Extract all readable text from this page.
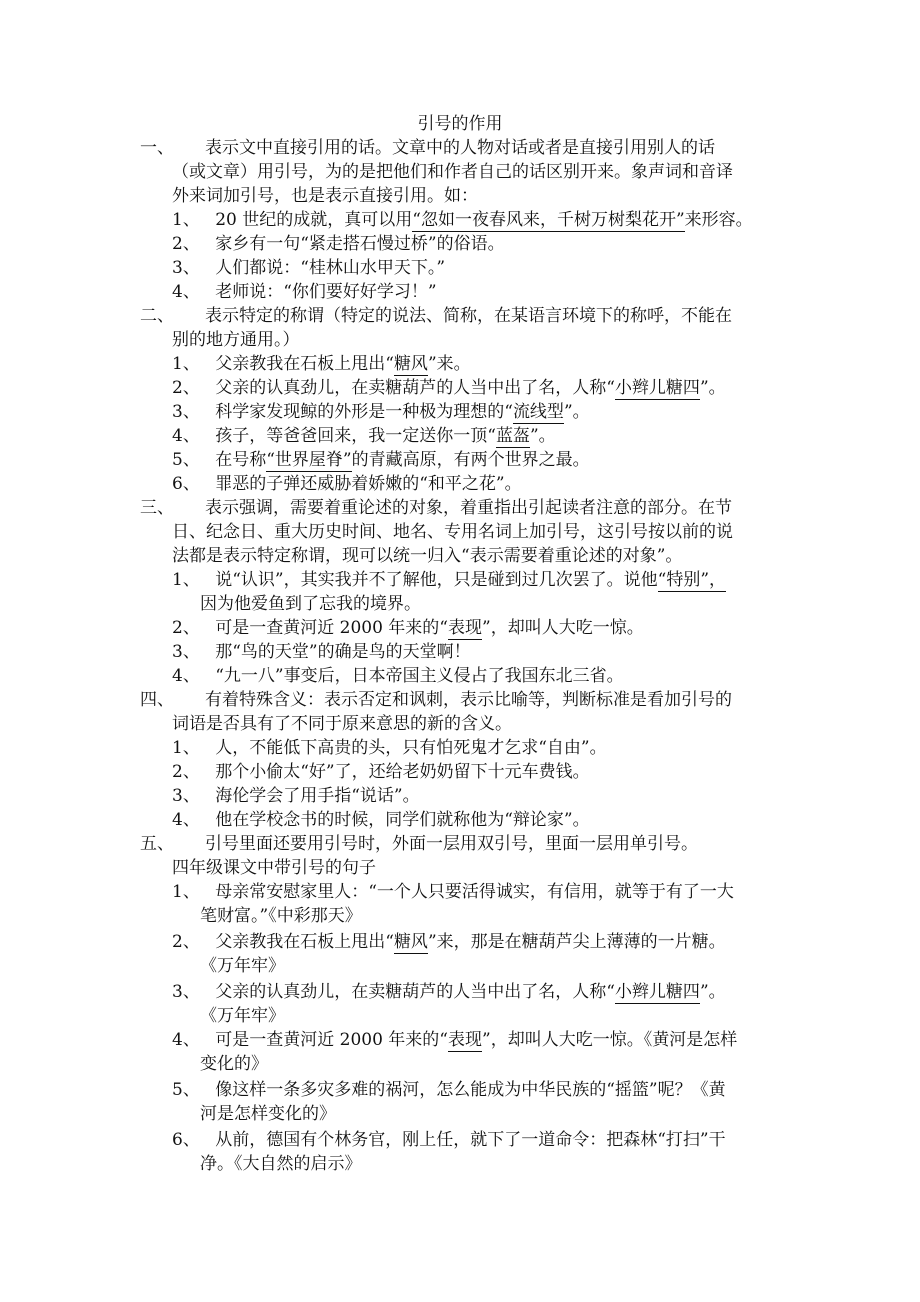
引号的作用
一、 表示文中直接引用的话。文章中的人物对话或者是直接引用别人的话
（或文章）用引号，为的是把他们和作者自己的话区别开来。象声词和音译
外来词加引号，也是表示直接引用。如：
1、 20 世纪的成就，真可以用“忽如一夜春风来，千树万树梨花开”来形容。
2、 家乡有一句“紧走搭石慢过桥”的俗语。
3、 人们都说：“桂林山水甲天下。”
4、 老师说：“你们要好好学习！”
二、 表示特定的称谓（特定的说法、简称，在某语言环境下的称呼，不能在
别的地方通用。）
1、 父亲教我在石板上甩出“糖风”来。
2、 父亲的认真劲儿，在卖糖葫芦的人当中出了名，人称“小辫儿糖四”。
3、 科学家发现鲸的外形是一种极为理想的“流线型”。
4、 孩子，等爸爸回来，我一定送你一顶“蓝盔”。
5、 在号称“世界屋脊”的青藏高原，有两个世界之最。
6、 罪恶的子弹还威胁着娇嫩的“和平之花”。
三、 表示强调，需要着重论述的对象，着重指出引起读者注意的部分。在节
日、纪念日、重大历史时间、地名、专用名词上加引号，这引号按以前的说
法都是表示特定称谓，现可以统一归入“表示需要着重论述的对象”。
1、 说“认识”，其实我并不了解他，只是碰到过几次罢了。说他“特别”，
因为他爱鱼到了忘我的境界。
2、 可是一查黄河近 2000 年来的“表现”，却叫人大吃一惊。
3、 那“鸟的天堂”的确是鸟的天堂啊！
4、 “九一八”事变后，日本帝国主义侵占了我国东北三省。
四、 有着特殊含义：表示否定和讽刺，表示比喻等，判断标准是看加引号的
词语是否具有了不同于原来意思的新的含义。
1、 人，不能低下高贵的头，只有怕死鬼才乞求“自由”。
2、 那个小偷太“好”了，还给老奶奶留下十元车费钱。
3、 海伦学会了用手指“说话”。
4、 他在学校念书的时候，同学们就称他为“辩论家”。
五、 引号里面还要用引号时，外面一层用双引号，里面一层用单引号。
四年级课文中带引号的句子
1、 母亲常安慰家里人：“一个人只要活得诚实，有信用，就等于有了一大
笔财富。”《中彩那天》
2、 父亲教我在石板上甩出“糖风”来，那是在糖葫芦尖上薄薄的一片糖。
《万年牢》
3、 父亲的认真劲儿，在卖糖葫芦的人当中出了名，人称“小辫儿糖四”。
《万年牢》
4、 可是一查黄河近 2000 年来的“表现”，却叫人大吃一惊。《黄河是怎样
变化的》
5、 像这样一条多灾多难的祸河，怎么能成为中华民族的“摇篮”呢？《黄
河是怎样变化的》
6、 从前，德国有个林务官，刚上任，就下了一道命令：把森林“打扫”干
净。《大自然的启示》
